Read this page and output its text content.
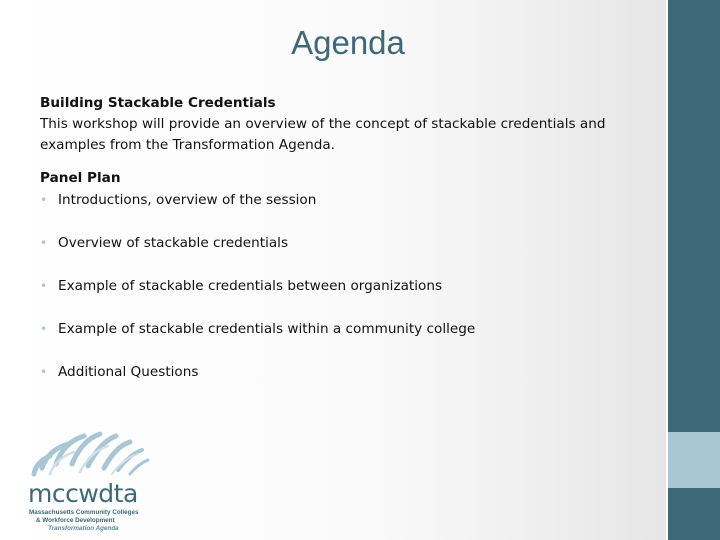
Agenda

Building Stackable Credentials

This workshop will provide an overview of the concept of stackable credentials and examples from the Transformation Agenda.

Panel Plan

• Introductions, overview of the session

• Overview of stackable credentials

• Example of stackable credentials between organizations

• Example of stackable credentials within a community college

• Additional Questions

mccwdta
Massachusetts Community Colleges
& Workforce Development
Transformation Agenda
